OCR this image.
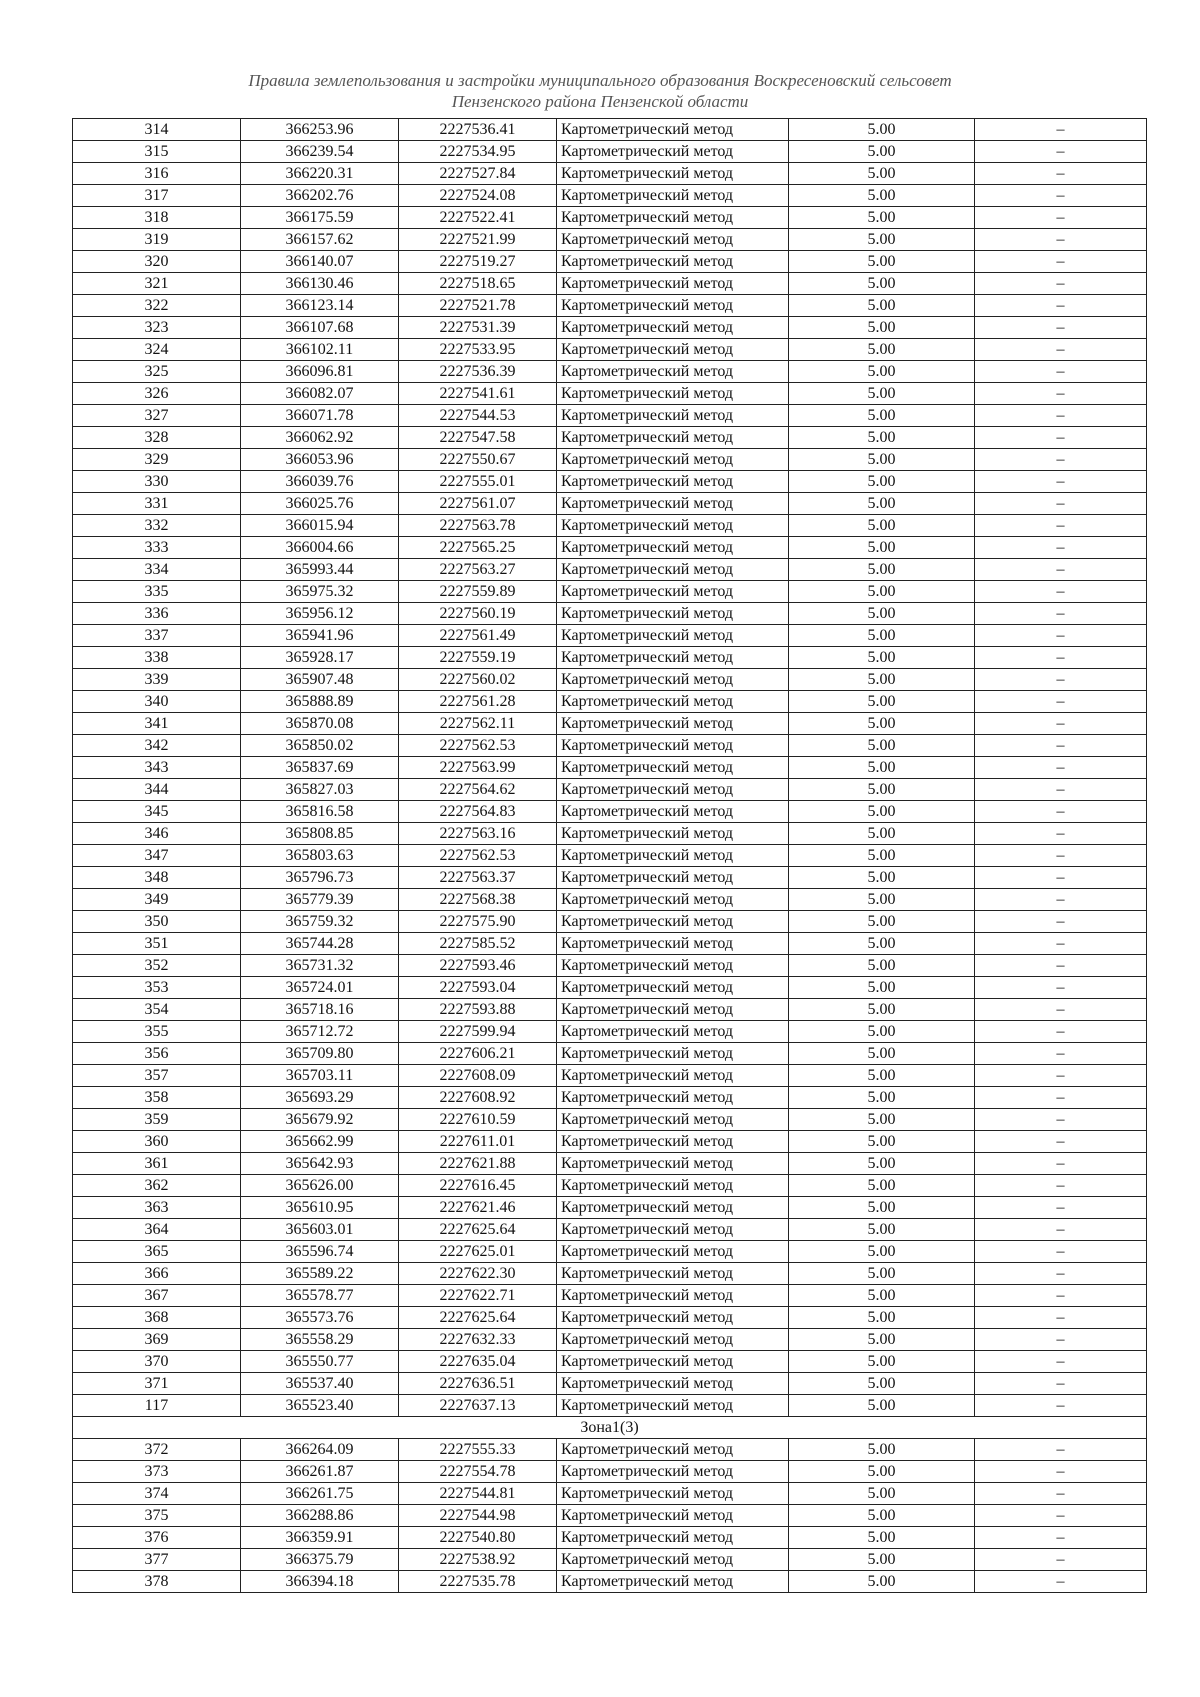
Правила землепользования и застройки муниципального образования Воскресеновский сельсовет
Пензенского района Пензенской области
314	366253.96	2227536.41	Картометрический метод	5.00	–
315	366239.54	2227534.95	Картометрический метод	5.00	–
316	366220.31	2227527.84	Картометрический метод	5.00	–
317	366202.76	2227524.08	Картометрический метод	5.00	–
318	366175.59	2227522.41	Картометрический метод	5.00	–
319	366157.62	2227521.99	Картометрический метод	5.00	–
320	366140.07	2227519.27	Картометрический метод	5.00	–
321	366130.46	2227518.65	Картометрический метод	5.00	–
322	366123.14	2227521.78	Картометрический метод	5.00	–
323	366107.68	2227531.39	Картометрический метод	5.00	–
324	366102.11	2227533.95	Картометрический метод	5.00	–
325	366096.81	2227536.39	Картометрический метод	5.00	–
326	366082.07	2227541.61	Картометрический метод	5.00	–
327	366071.78	2227544.53	Картометрический метод	5.00	–
328	366062.92	2227547.58	Картометрический метод	5.00	–
329	366053.96	2227550.67	Картометрический метод	5.00	–
330	366039.76	2227555.01	Картометрический метод	5.00	–
331	366025.76	2227561.07	Картометрический метод	5.00	–
332	366015.94	2227563.78	Картометрический метод	5.00	–
333	366004.66	2227565.25	Картометрический метод	5.00	–
334	365993.44	2227563.27	Картометрический метод	5.00	–
335	365975.32	2227559.89	Картометрический метод	5.00	–
336	365956.12	2227560.19	Картометрический метод	5.00	–
337	365941.96	2227561.49	Картометрический метод	5.00	–
338	365928.17	2227559.19	Картометрический метод	5.00	–
339	365907.48	2227560.02	Картометрический метод	5.00	–
340	365888.89	2227561.28	Картометрический метод	5.00	–
341	365870.08	2227562.11	Картометрический метод	5.00	–
342	365850.02	2227562.53	Картометрический метод	5.00	–
343	365837.69	2227563.99	Картометрический метод	5.00	–
344	365827.03	2227564.62	Картометрический метод	5.00	–
345	365816.58	2227564.83	Картометрический метод	5.00	–
346	365808.85	2227563.16	Картометрический метод	5.00	–
347	365803.63	2227562.53	Картометрический метод	5.00	–
348	365796.73	2227563.37	Картометрический метод	5.00	–
349	365779.39	2227568.38	Картометрический метод	5.00	–
350	365759.32	2227575.90	Картометрический метод	5.00	–
351	365744.28	2227585.52	Картометрический метод	5.00	–
352	365731.32	2227593.46	Картометрический метод	5.00	–
353	365724.01	2227593.04	Картометрический метод	5.00	–
354	365718.16	2227593.88	Картометрический метод	5.00	–
355	365712.72	2227599.94	Картометрический метод	5.00	–
356	365709.80	2227606.21	Картометрический метод	5.00	–
357	365703.11	2227608.09	Картометрический метод	5.00	–
358	365693.29	2227608.92	Картометрический метод	5.00	–
359	365679.92	2227610.59	Картометрический метод	5.00	–
360	365662.99	2227611.01	Картометрический метод	5.00	–
361	365642.93	2227621.88	Картометрический метод	5.00	–
362	365626.00	2227616.45	Картометрический метод	5.00	–
363	365610.95	2227621.46	Картометрический метод	5.00	–
364	365603.01	2227625.64	Картометрический метод	5.00	–
365	365596.74	2227625.01	Картометрический метод	5.00	–
366	365589.22	2227622.30	Картометрический метод	5.00	–
367	365578.77	2227622.71	Картометрический метод	5.00	–
368	365573.76	2227625.64	Картометрический метод	5.00	–
369	365558.29	2227632.33	Картометрический метод	5.00	–
370	365550.77	2227635.04	Картометрический метод	5.00	–
371	365537.40	2227636.51	Картометрический метод	5.00	–
117	365523.40	2227637.13	Картометрический метод	5.00	–
Зона1(3)					
372	366264.09	2227555.33	Картометрический метод	5.00	–
373	366261.87	2227554.78	Картометрический метод	5.00	–
374	366261.75	2227544.81	Картометрический метод	5.00	–
375	366288.86	2227544.98	Картометрический метод	5.00	–
376	366359.91	2227540.80	Картометрический метод	5.00	–
377	366375.79	2227538.92	Картометрический метод	5.00	–
378	366394.18	2227535.78	Картометрический метод	5.00	–
